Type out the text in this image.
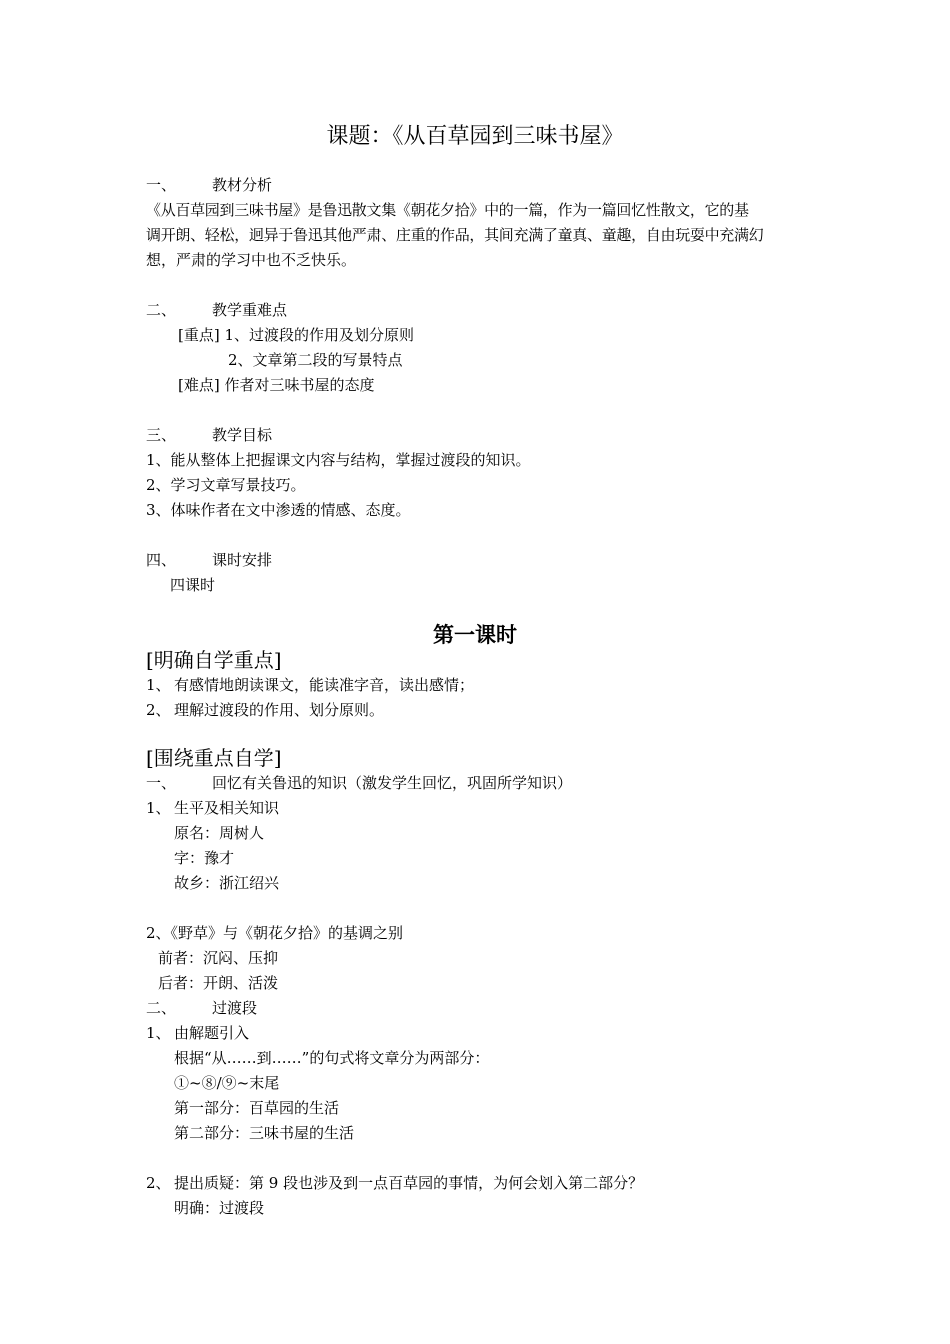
课题：《从百草园到三味书屋》
一、 教材分析
《从百草园到三味书屋》是鲁迅散文集《朝花夕拾》中的一篇，作为一篇回忆性散文，它的基
调开朗、轻松，迥异于鲁迅其他严肃、庄重的作品，其间充满了童真、童趣，自由玩耍中充满幻
想，严肃的学习中也不乏快乐。
二、 教学重难点
[重点] 1、过渡段的作用及划分原则
2、文章第二段的写景特点
[难点] 作者对三味书屋的态度
三、 教学目标
1、能从整体上把握课文内容与结构，掌握过渡段的知识。
2、学习文章写景技巧。
3、体味作者在文中渗透的情感、态度。
四、 课时安排
四课时
第一课时
[明确自学重点]
1、 有感情地朗读课文，能读准字音，读出感情；
2、 理解过渡段的作用、划分原则。
[围绕重点自学]
一、 回忆有关鲁迅的知识（激发学生回忆，巩固所学知识）
1、 生平及相关知识
原名：周树人
字：豫才
故乡：浙江绍兴
2、《野草》与《朝花夕拾》的基调之别
前者：沉闷、压抑
后者：开朗、活泼
二、 过渡段
1、 由解题引入
根据“从……到……”的句式将文章分为两部分：
①~⑧/⑨~末尾
第一部分：百草园的生活
第二部分：三味书屋的生活
2、 提出质疑：第 9 段也涉及到一点百草园的事情，为何会划入第二部分？
明确：过渡段
